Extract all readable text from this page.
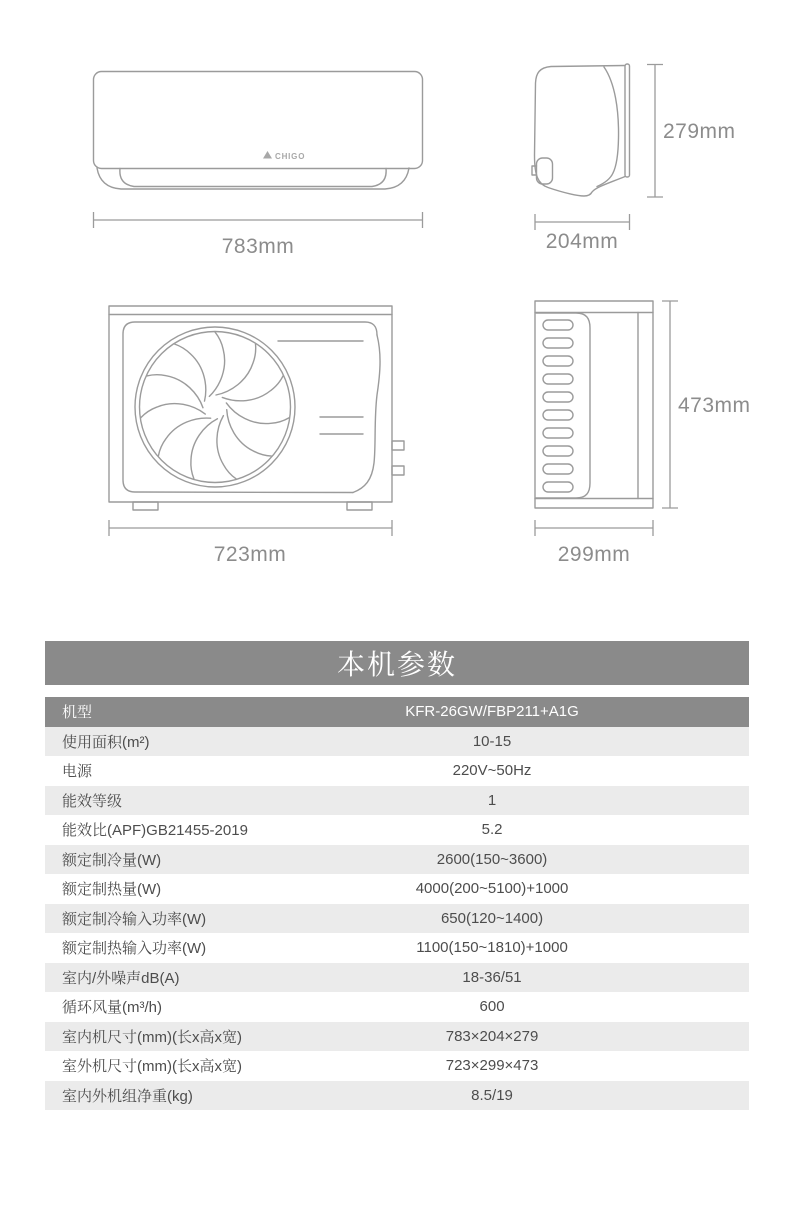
CHIGO
783mm
279mm
204mm
723mm
473mm
299mm
本机参数
机型	KFR-26GW/FBP211+A1G
使用面积(m²)	10-15
电源	220V~50Hz
能效等级	1
能效比(APF)GB21455-2019	5.2
额定制冷量(W)	2600(150~3600)
额定制热量(W)	4000(200~5100)+1000
额定制冷输入功率(W)	650(120~1400)
额定制热输入功率(W)	1100(150~1810)+1000
室内/外噪声dB(A)	18-36/51
循环风量(m³/h)	600
室内机尺寸(mm)(长x高x宽)	783×204×279
室外机尺寸(mm)(长x高x宽)	723×299×473
室内外机组净重(kg)	8.5/19
